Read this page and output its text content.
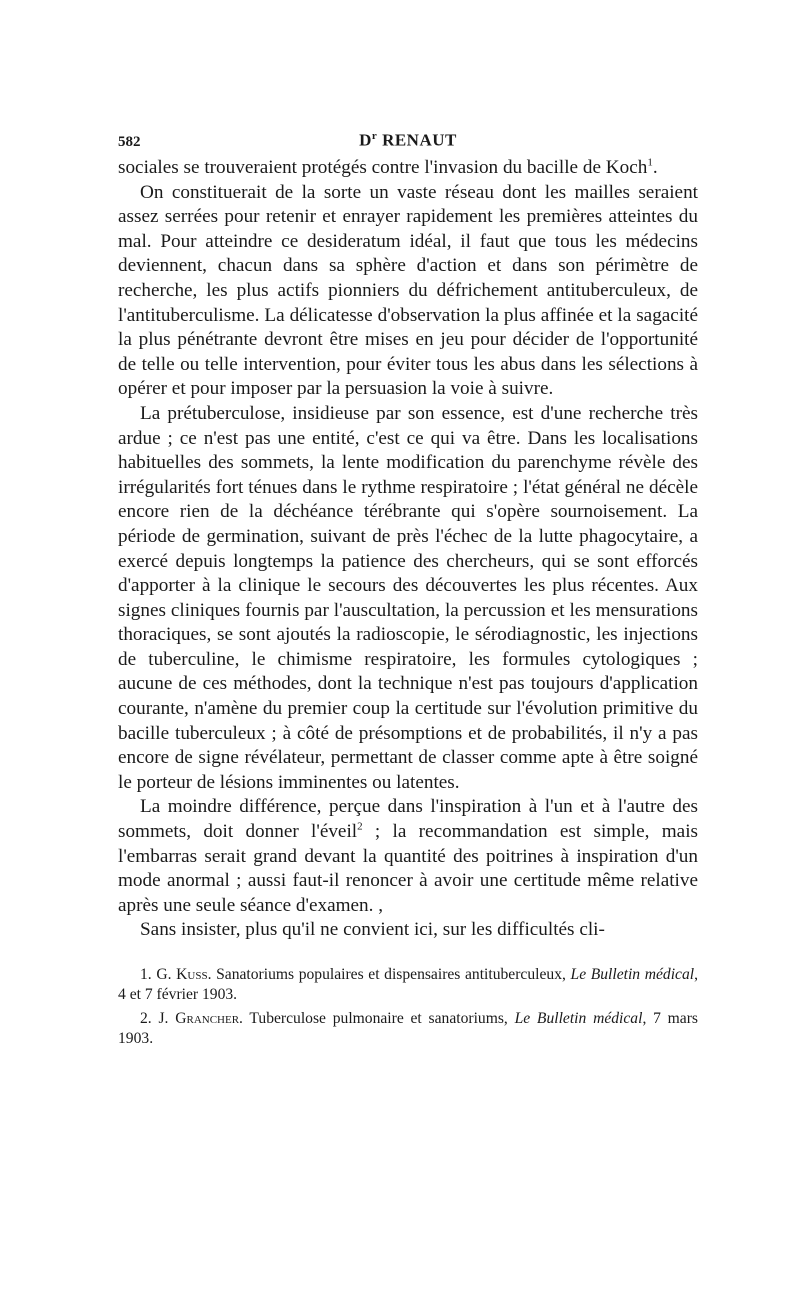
582	$D^r$ RENAUT

sociales se trouveraient protégés contre l'invasion du bacille de Koch$^1$.

On constituerait de la sorte un vaste réseau dont les mailles seraient assez serrées pour retenir et enrayer rapidement les premières atteintes du mal. Pour atteindre ce desideratum idéal, il faut que tous les médecins deviennent, chacun dans sa sphère d'action et dans son périmètre de recherche, les plus actifs pionniers du défrichement antituberculeux, de l'antituberculisme. La délicatesse d'observation la plus affinée et la sagacité la plus pénétrante devront être mises en jeu pour décider de l'opportunité de telle ou telle intervention, pour éviter tous les abus dans les sélections à opérer et pour imposer par la persuasion la voie à suivre.

La prétuberculose, insidieuse par son essence, est d'une recherche très ardue ; ce n'est pas une entité, c'est ce qui va être. Dans les localisations habituelles des sommets, la lente modification du parenchyme révèle des irrégularités fort ténues dans le rythme respiratoire ; l'état général ne décèle encore rien de la déchéance térébrante qui s'opère sournoisement. La période de germination, suivant de près l'échec de la lutte phagocytaire, a exercé depuis longtemps la patience des chercheurs, qui se sont efforcés d'apporter à la clinique le secours des découvertes les plus récentes. Aux signes cliniques fournis par l'auscultation, la percussion et les mensurations thoraciques, se sont ajoutés la radioscopie, le sérodiagnostic, les injections de tuberculine, le chimisme respiratoire, les formules cytologiques ; aucune de ces méthodes, dont la technique n'est pas toujours d'application courante, n'amène du premier coup la certitude sur l'évolution primitive du bacille tuberculeux ; à côté de présomptions et de probabilités, il n'y a pas encore de signe révélateur, permettant de classer comme apte à être soigné le porteur de lésions imminentes ou latentes.

La moindre différence, perçue dans l'inspiration à l'un et à l'autre des sommets, doit donner l'éveil$^2$ ; la recommandation est simple, mais l'embarras serait grand devant la quantité des poitrines à inspiration d'un mode anormal ; aussi faut-il renoncer à avoir une certitude même relative après une seule séance d'examen. ,

Sans insister, plus qu'il ne convient ici, sur les difficultés cli-

1. G. Kuss. Sanatoriums populaires et dispensaires antituberculeux, Le Bulletin médical, 4 et 7 février 1903.

2. J. Grancher. Tuberculose pulmonaire et sanatoriums, Le Bulletin médical, 7 mars 1903.
